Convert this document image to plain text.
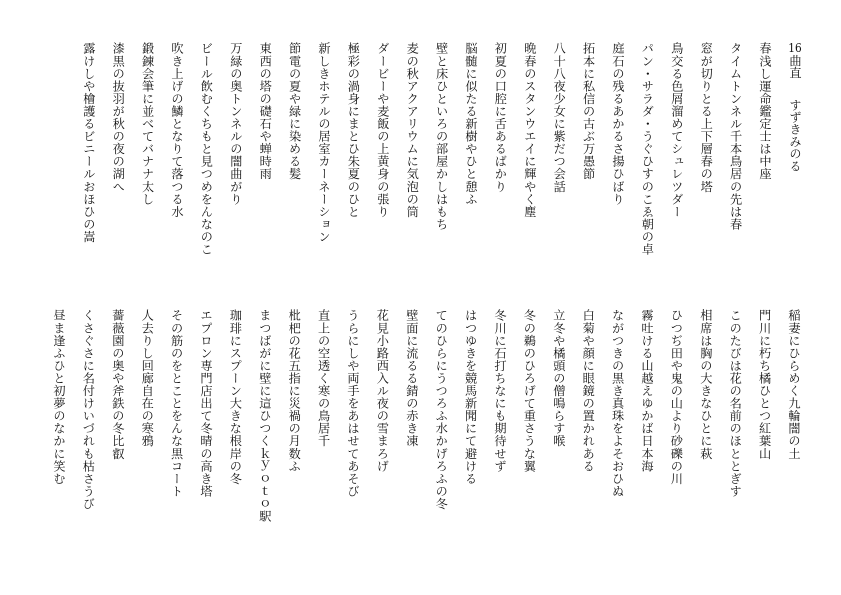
16曲直すずきみのる
春浅し運命鑑定士は中座
タイムトンネル千本鳥居の先は春
窓が切りとる上下層春の塔
鳥交る色屑溜めてシュレツダー
パン・サラダ・うぐひすのこゑ朝の卓
庭石の残るあかるさ揚ひばり
拓本に私信の古ぶ万愚節
八十八夜少女に紫だつ会話
晩春のスタンウエイに輝やく塵
初夏の口腔に舌あるばかり
脳髄に似たる新樹やひと憩ふ
壁と床ひといろの部屋かしはもち
麦の秋アクアリウムに気泡の筒
ダービーや麦飯の上黄身の張り
極彩の渦身にまとひ朱夏のひと
新しきホテルの居室カーネーション
節電の夏や緑に染める髪
東西の塔の礎石や蝉時雨
万緑の奥トンネルの闇曲がり
ビール飲むくちもと見つめをんなのこ
吹き上げの鱗となりて落つる水
鍛錬会筆に並べてバナナ太し
漆黒の抜羽が秋の夜の湖へ
露けしや檜護るビニールおほひの嵩
稲妻にひらめく九輪闇の土
門川に朽ち橘ひとつ紅葉山
このたびは花の名前のほととぎす
相席は胸の大きなひとに萩
ひつぢ田や鬼の山より砂礫の川
霧吐ける山越えゆかば日本海
ながつきの黒き真珠をよそおひぬ
白菊や顔に眼鏡の置かれある
立冬や橘頭の僧鳴らす喉
冬の鵜のひろげて重さうな翼
冬川に石打ちなにも期待せず
はつゆきを競馬新聞にて避ける
てのひらにうつろふ水かげろふの冬
壁面に流るる錆の赤き凍
花見小路西入ル夜の雪まろげ
うらにしや両手をあはせてあそび
直上の空透く寒の鳥居千
枇杷の花五指に災禍の月数ふ
まつばがに壁に這ひつくｋｙｏｔｏ駅
珈琲にスプーン大きな根岸の冬
エプロン専門店出て冬晴の高き塔
その筋のをとことをんな黒コート
人去りし回廊自在の寒鴉
薔薇園の奥や斧鉄の冬比叡
くさぐさに名付けいづれも枯さうび
昼ま逢ふひと初夢のなかに笑む
